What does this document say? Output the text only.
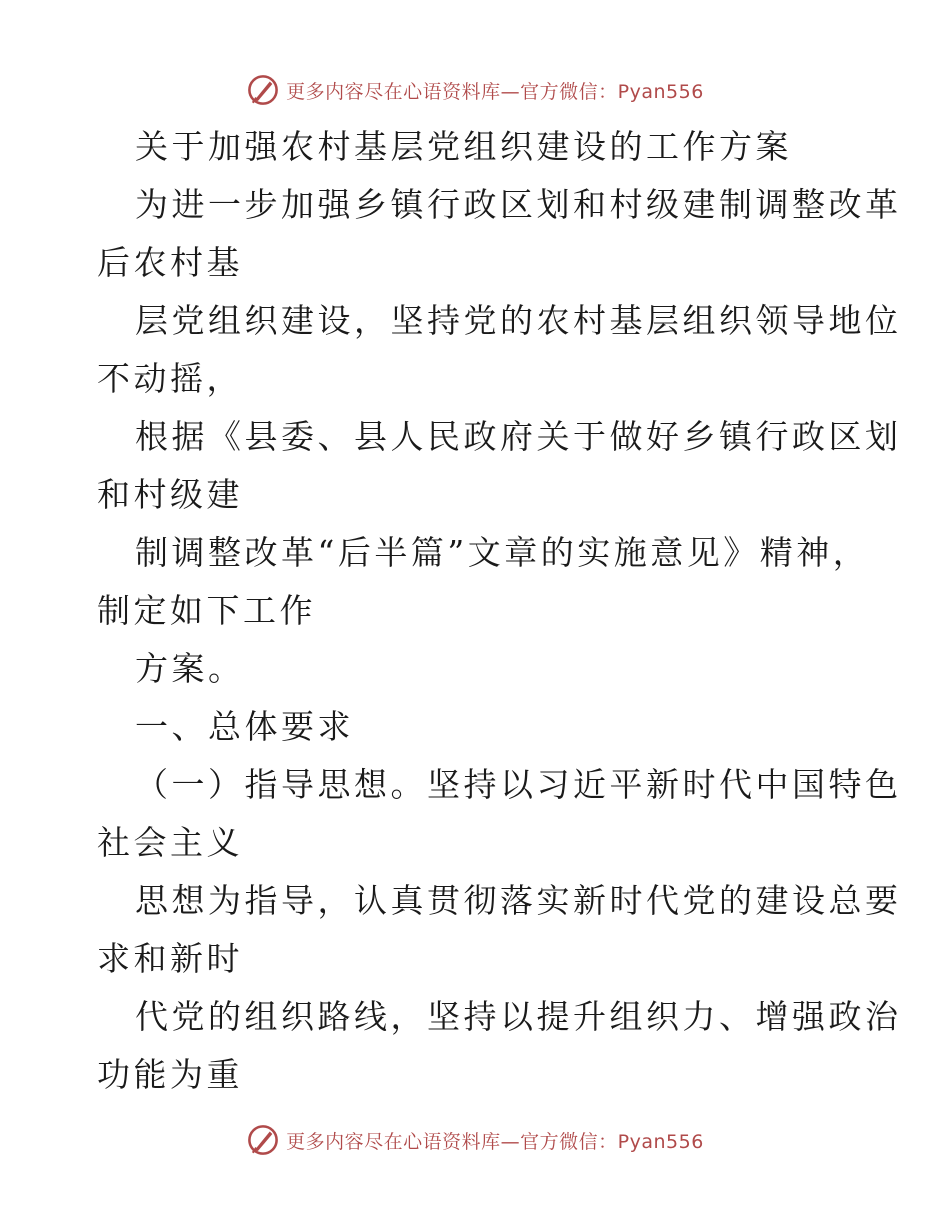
更多内容尽在心语资料库—官方微信：Pyan556
关于加强农村基层党组织建设的工作方案
为进一步加强乡镇行政区划和村级建制调整改革
后农村基
层党组织建设，坚持党的农村基层组织领导地位
不动摇，
根据《县委、县人民政府关于做好乡镇行政区划
和村级建
制调整改革“后半篇”文章的实施意见》精神，
制定如下工作
方案。
一、总体要求
（一）指导思想。坚持以习近平新时代中国特色
社会主义
思想为指导，认真贯彻落实新时代党的建设总要
求和新时
代党的组织路线，坚持以提升组织力、增强政治
功能为重
更多内容尽在心语资料库—官方微信：Pyan556
